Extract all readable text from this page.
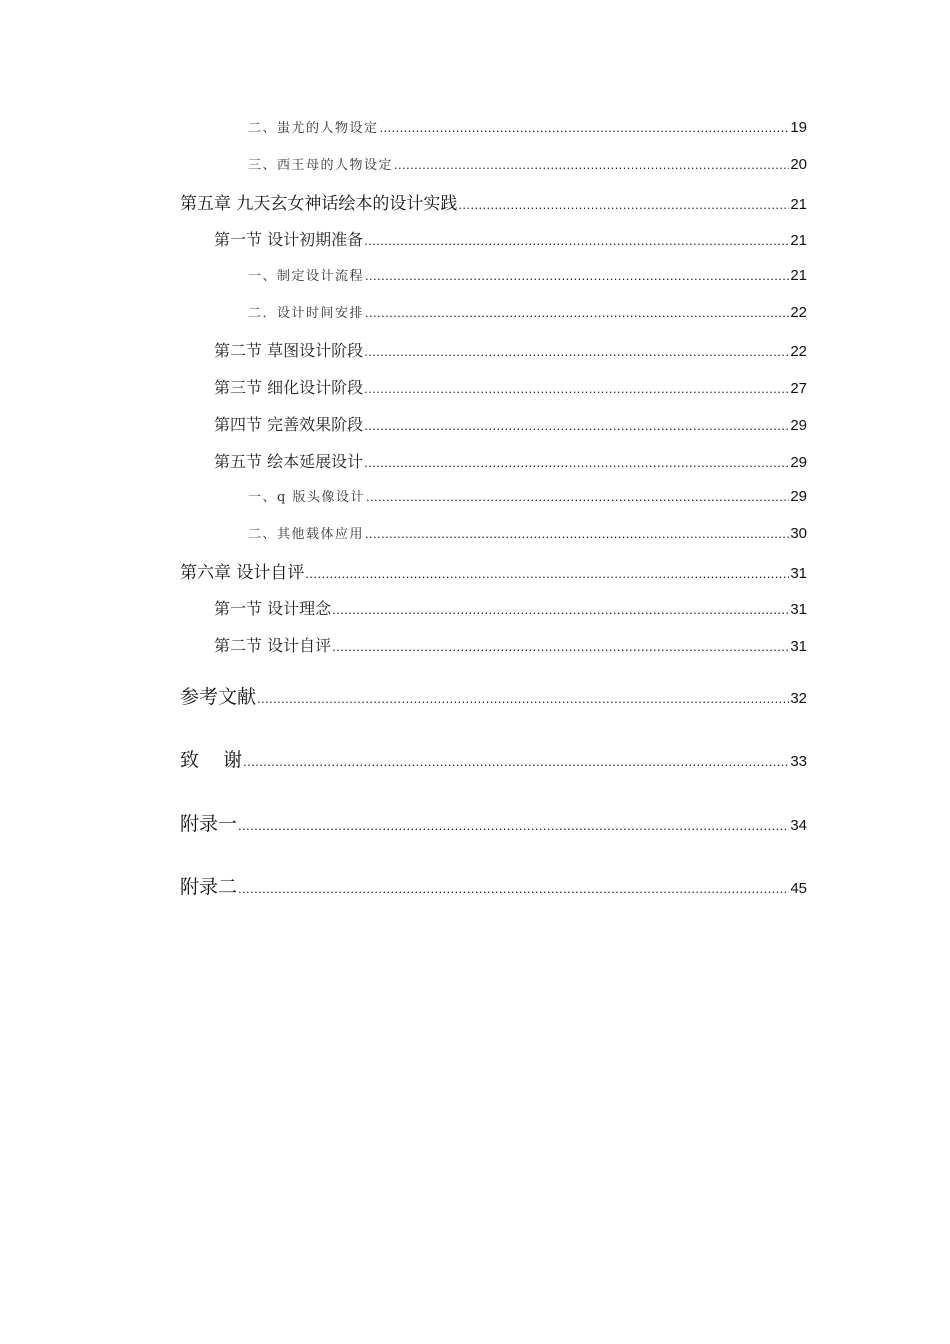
二、蚩尤的人物设定 .....	19
三、西王母的人物设定 .....	20
第五章 九天玄女神话绘本的设计实践 .....	21
第一节 设计初期准备 .....	21
一、制定设计流程 .....	21
二．设计时间安排 .....	22
第二节 草图设计阶段 .....	22
第三节 细化设计阶段 .....	27
第四节 完善效果阶段 .....	29
第五节 绘本延展设计 .....	29
一、q 版头像设计 .....	29
二、其他载体应用 .....	30
第六章 设计自评 .....	31
第一节 设计理念 .....	31
第二节 设计自评 .....	31
参考文献 .....	32
致    谢 .....	33
附录一 .....	34
附录二 .....	45
